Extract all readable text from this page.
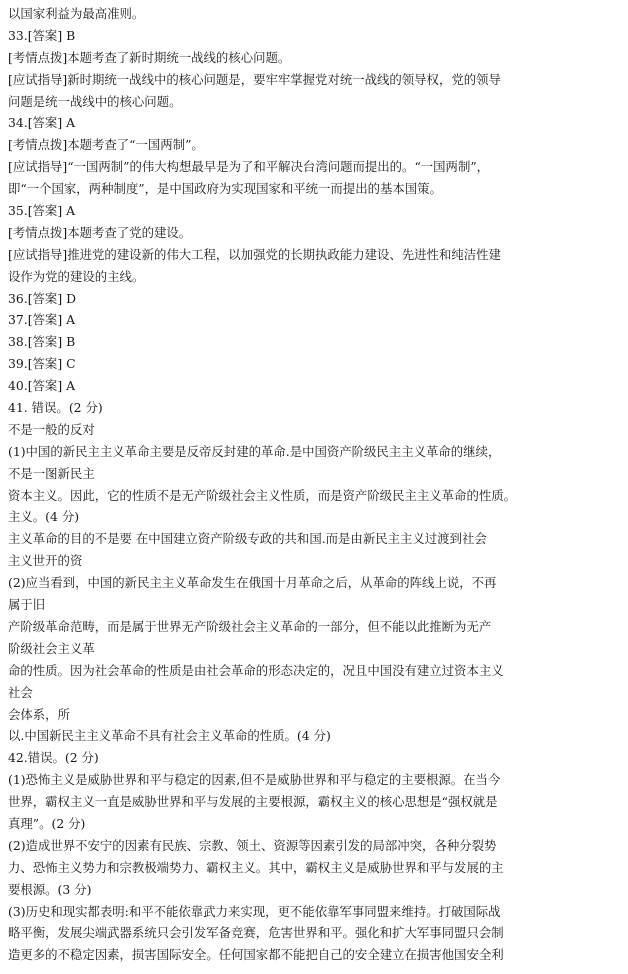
以国家利益为最高准则。
33.[答案] B
[考情点拨]本题考查了新时期统一战线的核心问题。
[应试指导]新时期统一战线中的核心问题是，要牢牢掌握党对统一战线的领导权，党的领导
问题是统一战线中的核心问题。
34.[答案] A
[考情点拨]本题考查了“一国两制”。
[应试指导]“一国两制”的伟大构想最早是为了和平解决台湾问题而提出的。“一国两制”，
即“一个国家，两种制度”，是中国政府为实现国家和平统一而提出的基本国策。
35.[答案] A
[考情点拨]本题考查了党的建设。
[应试指导]推进党的建设新的伟大工程，以加强党的长期执政能力建设、先进性和纯洁性建
设作为党的建设的主线。
36.[答案] D
37.[答案] A
38.[答案] B
39.[答案] C
40.[答案] A
41. 错误。(2 分)
不是一般的反对
(1)中国的新民主主义革命主要是反帝反封建的革命.是中国资产阶级民主主义革命的继续，
不是一图新民主
资本主义。因此，它的性质不是无产阶级社会主义性质，而是资产阶级民主主义革命的性质。
主义。(4 分)
主义革命的目的不是要 在中国建立资产阶级专政的共和国.而是由新民主主义过渡到社会
主义世开的资
(2)应当看到，中国的新民主主义革命发生在俄国十月革命之后，从革命的阵线上说，不再
属于旧
产阶级革命范畴，而是属于世界无产阶级社会主义革命的一部分，但不能以此推断为无产
阶级社会主义革
命的性质。因为社会革命的性质是由社会革命的形态决定的，况且中国没有建立过资本主义
社会
会体系，所
以.中国新民主主义革命不具有社会主义革命的性质。(4 分)
42.错误。(2 分)
(1)恐怖主义是威胁世界和平与稳定的因素,但不是威胁世界和平与稳定的主要根源。在当今
世界，霸权主义一直是威胁世界和平与发展的主要根源，霸权主义的核心思想是“强权就是
真理”。(2 分)
(2)造成世界不安宁的因素有民族、宗教、领土、资源等因素引发的局部冲突，各种分裂势
力、恐怖主义势力和宗教极端势力、霸权主义。其中，霸权主义是威胁世界和平与发展的主
要根源。(3 分)
(3)历史和现实都表明:和平不能依靠武力来实现，更不能依靠军事同盟来维持。打破国际战
略平衡，发展尖端武器系统只会引发军备竞赛，危害世界和平。强化和扩大军事同盟只会制
造更多的不稳定因素，损害国际安全。任何国家都不能把自己的安全建立在损害他国安全利
